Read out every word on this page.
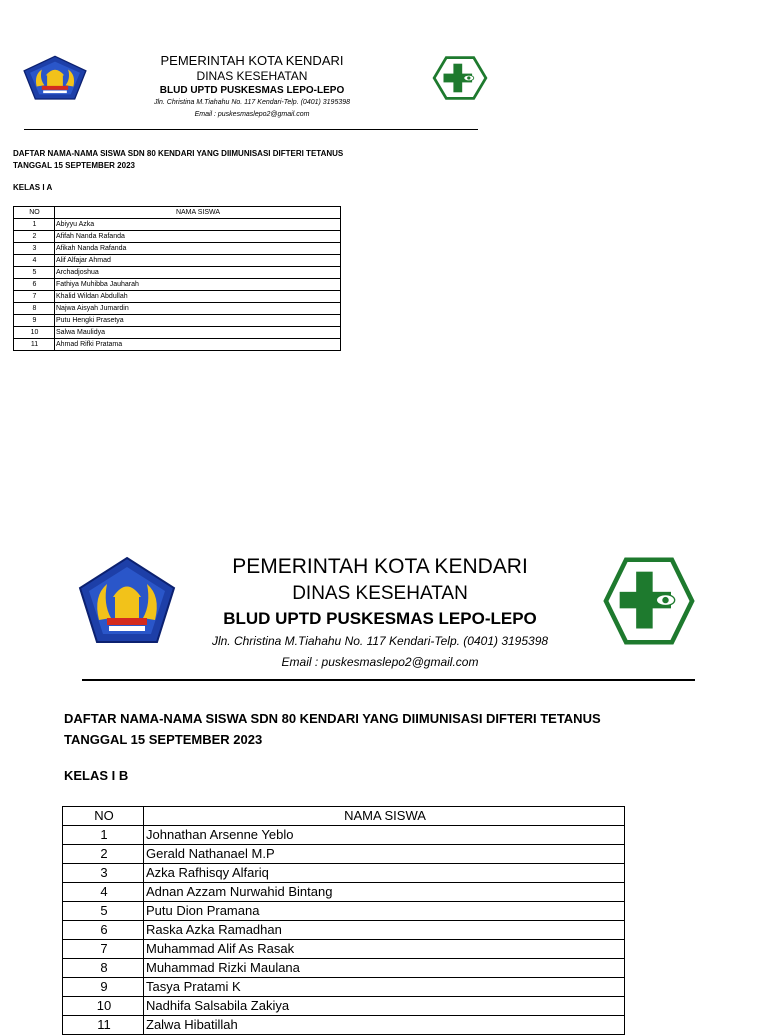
PEMERINTAH KOTA KENDARI
DINAS KESEHATAN
BLUD UPTD PUSKESMAS LEPO-LEPO
Jln. Christina M.Tiahahu No. 117 Kendari-Telp. (0401) 3195398
Email : puskesmaslepo2@gmail.com
DAFTAR NAMA-NAMA SISWA SDN 80 KENDARI YANG DIIMUNISASI DIFTERI TETANUS
TANGGAL 15 SEPTEMBER 2023
KELAS I A
NO	NAMA SISWA
1	Abiyyu Azka
2	Afifah Nanda Rafanda
3	Afikah Nanda Rafanda
4	Alif Alfajar Ahmad
5	Archadjoshua
6	Fathiya Muhibba Jauharah
7	Khalid Wildan Abdullah
8	Najwa Aisyah Jumardin
9	Putu Hengki Prasetya
10	Salwa Maulidya
11	Ahmad Rifki Pratama
PEMERINTAH KOTA KENDARI
DINAS KESEHATAN
BLUD UPTD PUSKESMAS LEPO-LEPO
Jln. Christina M.Tiahahu No. 117 Kendari-Telp. (0401) 3195398
Email : puskesmaslepo2@gmail.com
DAFTAR NAMA-NAMA SISWA SDN 80 KENDARI YANG DIIMUNISASI DIFTERI TETANUS
TANGGAL 15 SEPTEMBER 2023
KELAS I B
NO	NAMA SISWA
1	Johnathan Arsenne Yeblo
2	Gerald Nathanael M.P
3	Azka Rafhisqy Alfariq
4	Adnan Azzam Nurwahid Bintang
5	Putu Dion Pramana
6	Raska Azka Ramadhan
7	Muhammad Alif As Rasak
8	Muhammad Rizki Maulana
9	Tasya Pratami K
10	Nadhifa Salsabila Zakiya
11	Zalwa Hibatillah
